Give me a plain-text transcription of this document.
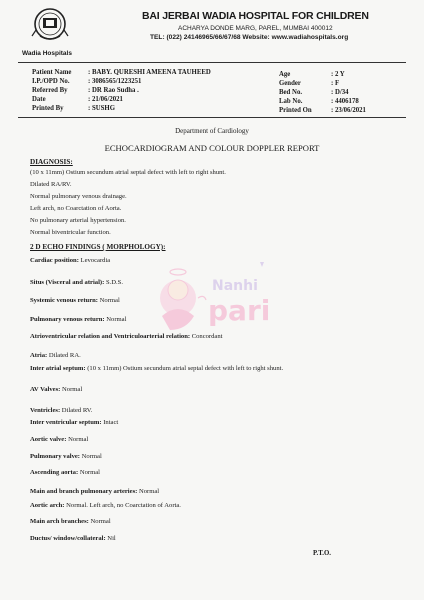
Wadia Hospitals
BAI JERBAI WADIA HOSPITAL FOR CHILDREN
ACHARYA DONDE MARG, PAREL, MUMBAI 400012
TEL: (022) 24146965/66/67/68 Website: www.wadiahospitals.org
Patient Name : BABY. QURESHI AMEENA TAUHEED
I.P./OPD No.	: 3086565/1223251
Referred By	: DR Rao Sudha .
Date	: 21/06/2021
Printed By	: SUSHG
Age	: 2 Y
Gender	: F
Bed No.	: D/34
Lab No.	: 4406178
Printed On	: 23/06/2021
Department of Cardiology
ECHOCARDIOGRAM AND COLOUR DOPPLER REPORT
DIAGNOSIS:
(10 x 11mm) Ostium secundum atrial septal defect with left to right shunt.
Dilated RA/RV.
Normal pulmonary venous drainage.
Left arch, no Coarctation of Aorta.
No pulmonary arterial hypertension.
Normal biventricular function.
2 D ECHO FINDINGS ( MORPHOLOGY):
Cardiac position: Levocardia
Situs (Visceral and atrial): S.D.S.
Systemic venous return: Normal
Pulmonary venous return: Normal
Atrioventricular relation and Ventriculoarterial relation: Concordant
Atria: Dilated RA.
Inter atrial septum: (10 x 11mm) Ostium secundum atrial septal defect with left to right shunt.
AV Valves: Normal
Ventricles: Dilated RV.
Inter ventricular septum: Intact
Aortic valve: Normal
Pulmonary valve: Normal
Ascending aorta: Normal
Main and branch pulmonary arteries: Normal
Aortic arch: Normal. Left arch, no Coarctation of Aorta.
Main arch branches: Normal
Ductus/ window/collateral: Nil
P.T.O.
Nanhi
pari
